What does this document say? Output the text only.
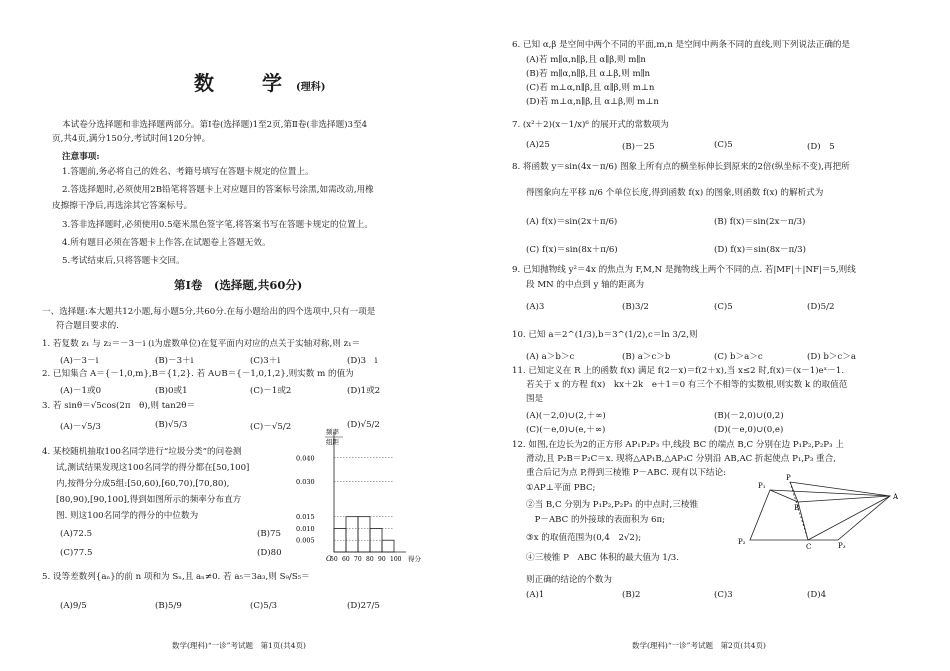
数　学(理科)
本试卷分选择题和非选择题两部分。第Ⅰ卷(选择题)1至2页,第Ⅱ卷(非选择题)3至4
页,共4页,满分150分,考试时间120分钟。
注意事项:
1.答题前,务必将自己的姓名、考籍号填写在答题卡规定的位置上。
2.答选择题时,必须使用2B铅笔将答题卡上对应题目的答案标号涂黑,如需改动,用橡
皮擦擦干净后,再选涂其它答案标号。
3.答非选择题时,必须使用0.5毫米黑色签字笔,将答案书写在答题卡规定的位置上。
4.所有题目必须在答题卡上作答,在试题卷上答题无效。
5.考试结束后,只将答题卡交回。
第Ⅰ卷　(选择题,共60分)
一、选择题:本大题共12小题,每小题5分,共60分.在每小题给出的四个选项中,只有一项是
符合题目要求的.
1. 若复数 z₁ 与 z₂＝－3－i (i为虚数单位)在复平面内对应的点关于实轴对称,则 z₁＝
(A)－3－i	(B)－3＋i	(C)3＋i	(D)3　i
2. 已知集合 A＝{－1,0,m},B＝{1,2}. 若 A∪B＝{－1,0,1,2},则实数 m 的值为
(A)－1或0	(B)0或1	(C)－1或2	(D)1或2
3. 若 sinθ＝√5cos(2π　θ),则 tan2θ＝
(A)－√5/3	(B)√5/3	(C)－√5/2	(D)√5/2
4. 某校随机抽取100名同学进行“垃圾分类”的问卷测
试,测试结果发现这100名同学的得分都在[50,100]
内,按得分分成5组:[50,60),[60,70),[70,80),
[80,90),[90,100],得到如图所示的频率分布直方
图. 则这100名同学的得分的中位数为
(A)72.5	(B)75
(C)77.5	(D)80
5. 设等差数列{aₙ}的前 n 项和为 Sₙ,且 aₙ≠0. 若 a₅＝3a₃,则 S₉/S₅＝
(A)9/5	(B)5/9	(C)5/3	(D)27/5
数学(理科)“一诊”考试题　第1页(共4页)
频率
组距
0.005
0.010
0.015
0.030
0.040
O
50 60 70 80 90 100 得分
6. 已知 α,β 是空间中两个不同的平面,m,n 是空间中两条不同的直线,则下列说法正确的是
(A)若 m∥α,n∥β,且 α∥β,则 m∥n
(B)若 m∥α,n∥β,且 α⊥β,则 m∥n
(C)若 m⊥α,n∥β,且 α∥β,则 m⊥n
(D)若 m⊥α,n∥β,且 α⊥β,则 m⊥n
7. (x²＋2)(x－1/x)⁶ 的展开式的常数项为
(A)25	(B)－25	(C)5	(D)　5
8. 将函数 y＝sin(4x－π/6) 图象上所有点的横坐标伸长到原来的2倍(纵坐标不变),再把所
得图象向左平移 π/6 个单位长度,得到函数 f(x) 的图象,则函数 f(x) 的解析式为
(A) f(x)＝sin(2x＋π/6)	(B) f(x)＝sin(2x－π/3)
(C) f(x)＝sin(8x＋π/6)	(D) f(x)＝sin(8x－π/3)
9. 已知抛物线 y²＝4x 的焦点为 F,M,N 是抛物线上两个不同的点. 若|MF|＋|NF|＝5,则线
段 MN 的中点到 y 轴的距离为
(A)3	(B)3/2	(C)5	(D)5/2
10. 已知 a＝2^(1/3),b＝3^(1/2),c＝ln 3/2,则
(A) a＞b＞c	(B) a＞c＞b	(C) b＞a＞c	(D) b＞c＞a
11. 已知定义在 R 上的函数 f(x) 满足 f(2－x)＝f(2＋x),当 x≤2 时,f(x)＝(x－1)eˣ－1.
若关于 x 的方程 f(x)　kx＋2k　e＋1＝0 有三个不相等的实数根,则实数 k 的取值范
围是
(A)(－2,0)∪(2,＋∞)	(B)(－2,0)∪(0,2)
(C)(－e,0)∪(e,＋∞)	(D)(－e,0)∪(0,e)
12. 如图,在边长为2的正方形 AP₁P₂P₃ 中,线段 BC 的端点 B,C 分别在边 P₁P₂,P₂P₃ 上
滑动,且 P₂B＝P₂C＝x. 现将△AP₁B,△AP₃C 分别沿 AB,AC 折起使点 P₁,P₃ 重合,
重合后记为点 P,得到三棱锥 P－ABC. 现有以下结论:
①AP⊥平面 PBC;
②当 B,C 分别为 P₁P₂,P₂P₃ 的中点时,三棱锥
　P－ABC 的外接球的表面积为 6π;
③x 的取值范围为(0,4　2√2);
④三棱锥 P　ABC 体积的最大值为 1/3.
则正确的结论的个数为
(A)1	(B)2	(C)3	(D)4
数学(理科)“一诊”考试题　第2页(共4页)
P₁
B
P
A
P₂
C	P₃
